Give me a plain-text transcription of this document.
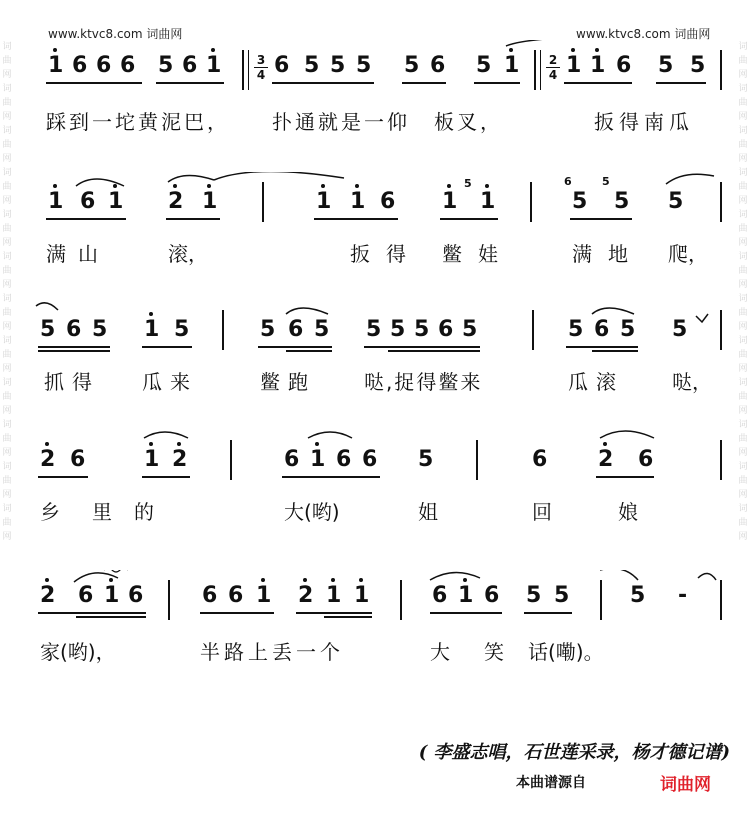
词曲网词曲网词曲网词曲网词曲网词曲网词曲网词曲网词曲网词曲网词曲网词曲网
词曲网词曲网词曲网词曲网词曲网词曲网词曲网词曲网词曲网词曲网词曲网词曲网
www.ktvc8.com 词曲网	www.ktvc8.com 词曲网
1 6 6 6 5 6 1	3
4 6 5 5 5 5 6 5 1 2
4 1 1 6 5 5
踩到一坨黄泥巴， 扑通就是一仰 板叉，	扳得南瓜
1 6 1 2 1	1 1 6 1
5
1
6
5
5
5 5
满山	滚，	扳得 鳖娃	满地 爬，
5 6 5 1 5	5 6 5 5 5 5 6 5	5 6 5 5
抓得 瓜来	鳖跑 哒,捉得鳖来	瓜滚 哒，
2 6	1 2	6 1 6 6 5	6 2 6
乡 里 的	大(哟)	姐	回	娘
2 6 1 6	6 6 1 2 1 1	6 1 6 5 5	5 -
家(哟)，	半路上丢一个	大 笑 话(嘞)。
( 李盛志唱，石世莲采录，杨才德记谱)
本曲谱源自	词曲网
